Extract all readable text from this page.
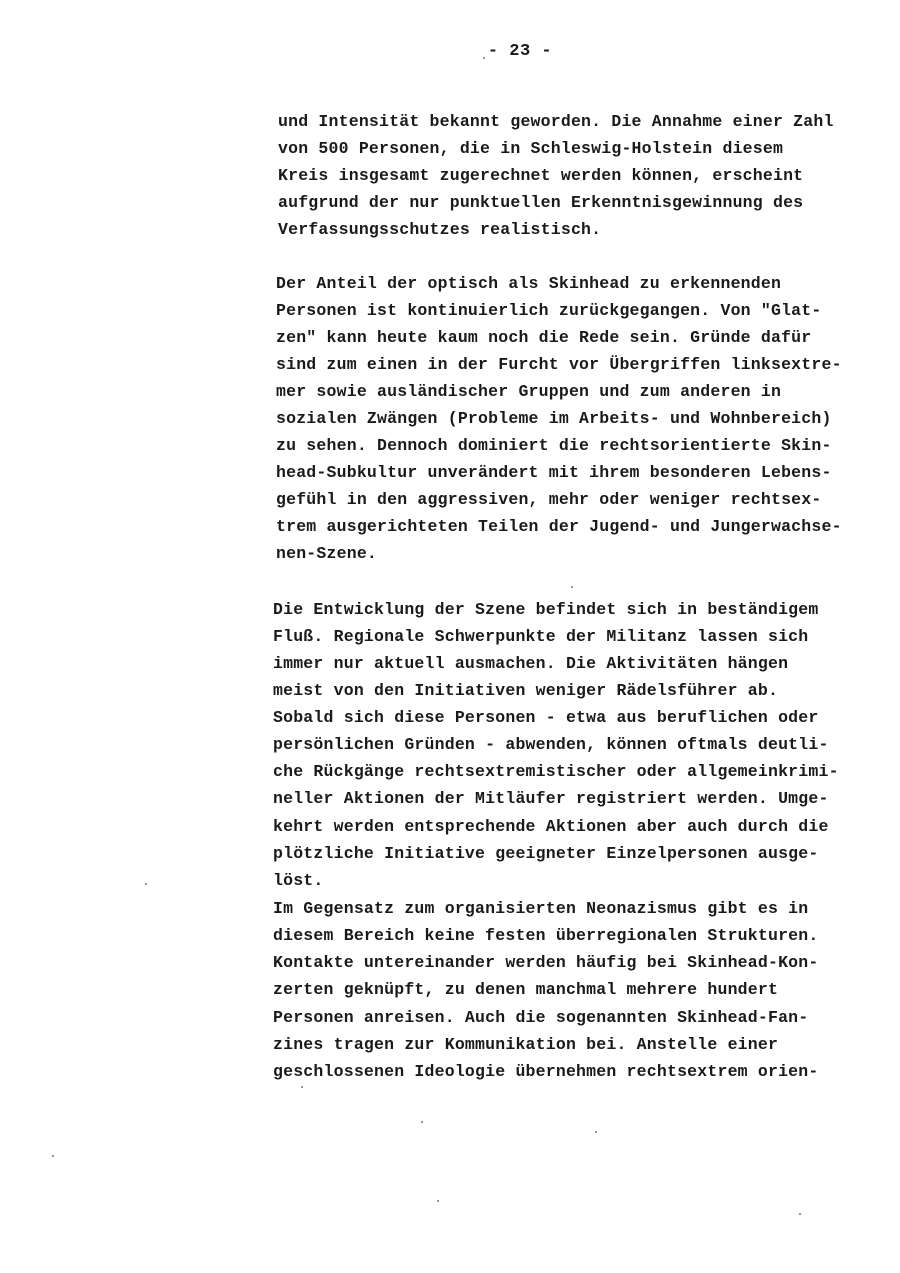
- 23 -
und Intensität bekannt geworden. Die Annahme einer Zahl
von 500 Personen, die in Schleswig-Holstein diesem
Kreis insgesamt zugerechnet werden können, erscheint
aufgrund der nur punktuellen Erkenntnisgewinnung des
Verfassungsschutzes realistisch.
Der Anteil der optisch als Skinhead zu erkennenden
Personen ist kontinuierlich zurückgegangen. Von "Glat-
zen" kann heute kaum noch die Rede sein. Gründe dafür
sind zum einen in der Furcht vor Übergriffen linksextre-
mer sowie ausländischer Gruppen und zum anderen in
sozialen Zwängen (Probleme im Arbeits- und Wohnbereich)
zu sehen. Dennoch dominiert die rechtsorientierte Skin-
head-Subkultur unverändert mit ihrem besonderen Lebens-
gefühl in den aggressiven, mehr oder weniger rechtsex-
trem ausgerichteten Teilen der Jugend- und Jungerwachse-
nen-Szene.
Die Entwicklung der Szene befindet sich in beständigem
Fluß. Regionale Schwerpunkte der Militanz lassen sich
immer nur aktuell ausmachen. Die Aktivitäten hängen
meist von den Initiativen weniger Rädelsführer ab.
Sobald sich diese Personen - etwa aus beruflichen oder
persönlichen Gründen - abwenden, können oftmals deutli-
che Rückgänge rechtsextremistischer oder allgemeinkrimi-
neller Aktionen der Mitläufer registriert werden. Umge-
kehrt werden entsprechende Aktionen aber auch durch die
plötzliche Initiative geeigneter Einzelpersonen ausge-
löst.
Im Gegensatz zum organisierten Neonazismus gibt es in
diesem Bereich keine festen überregionalen Strukturen.
Kontakte untereinander werden häufig bei Skinhead-Kon-
zerten geknüpft, zu denen manchmal mehrere hundert
Personen anreisen. Auch die sogenannten Skinhead-Fan-
zines tragen zur Kommunikation bei. Anstelle einer
geschlossenen Ideologie übernehmen rechtsextrem orien-
